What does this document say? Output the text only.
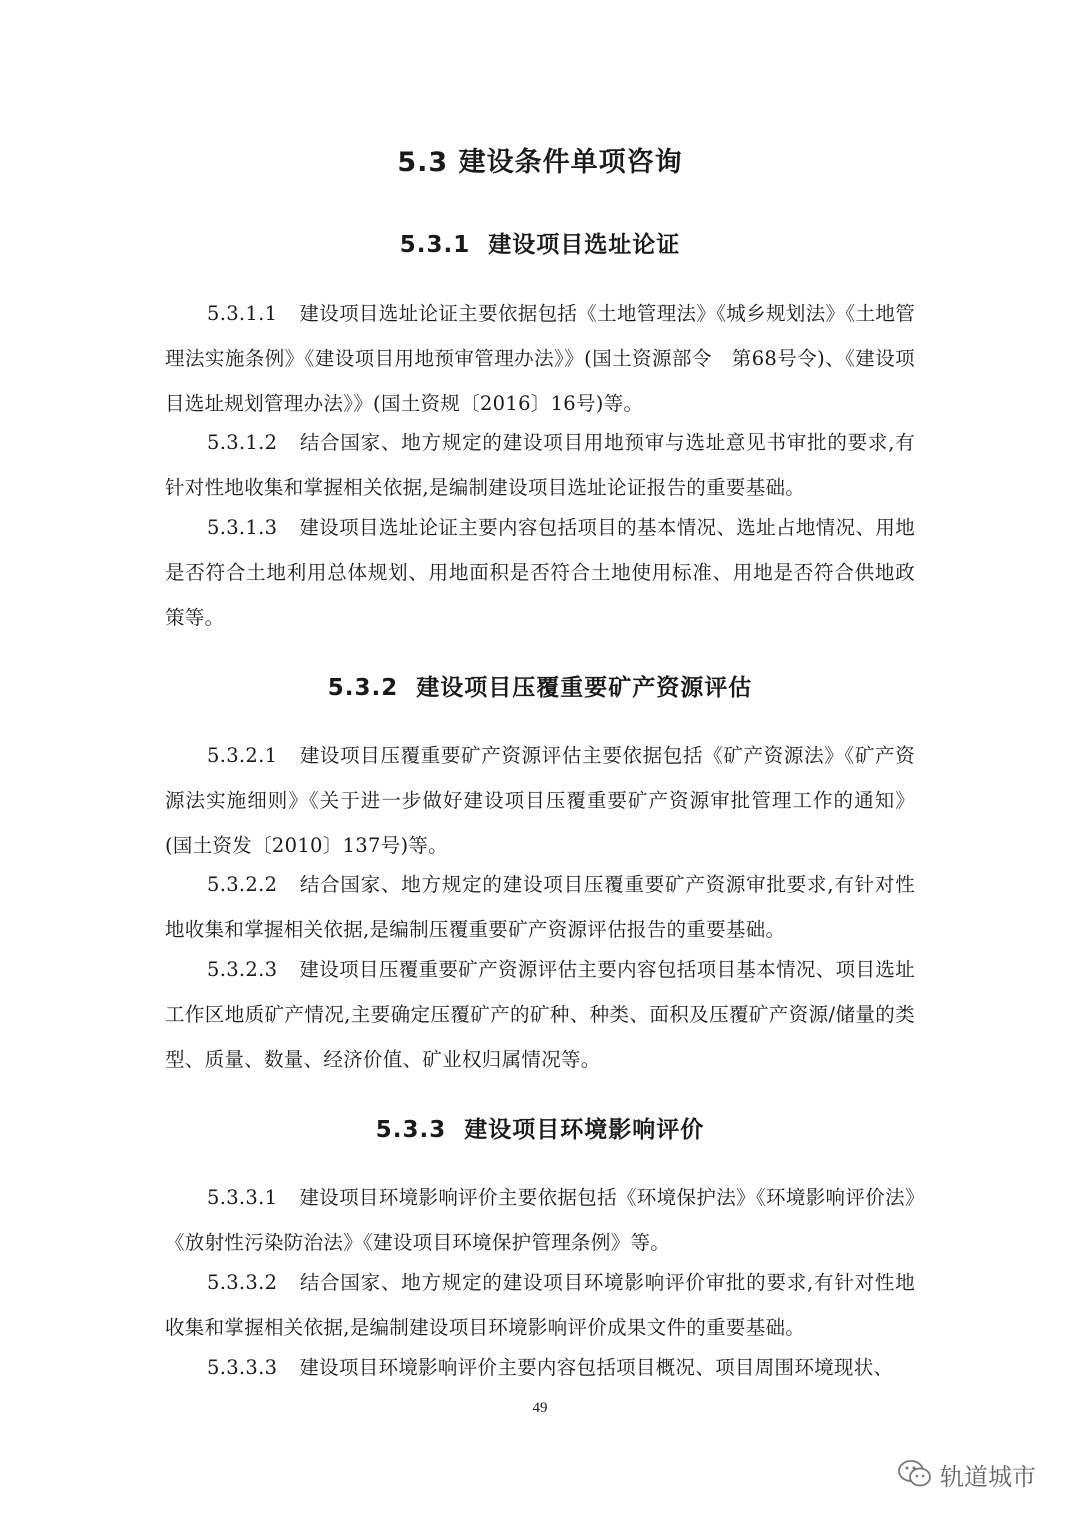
5.3 建设条件单项咨询
5.3.1 建设项目选址论证

5.3.1.1 建设项目选址论证主要依据包括《土地管理法》《城乡规划法》《土地管理法实施条例》《建设项目用地预审管理办法》》(国土资源部令　第68号令)、《建设项目选址规划管理办法》》(国土资规〔2016〕16号)等。

5.3.1.2 结合国家、地方规定的建设项目用地预审与选址意见书审批的要求,有针对性地收集和掌握相关依据,是编制建设项目选址论证报告的重要基础。

5.3.1.3 建设项目选址论证主要内容包括项目的基本情况、选址占地情况、用地是否符合土地利用总体规划、用地面积是否符合土地使用标准、用地是否符合供地政策等。

5.3.2 建设项目压覆重要矿产资源评估

5.3.2.1 建设项目压覆重要矿产资源评估主要依据包括《矿产资源法》《矿产资源法实施细则》《关于进一步做好建设项目压覆重要矿产资源审批管理工作的通知》(国土资发〔2010〕137号)等。

5.3.2.2 结合国家、地方规定的建设项目压覆重要矿产资源审批要求,有针对性地收集和掌握相关依据,是编制压覆重要矿产资源评估报告的重要基础。

5.3.2.3 建设项目压覆重要矿产资源评估主要内容包括项目基本情况、项目选址工作区地质矿产情况,主要确定压覆矿产的矿种、种类、面积及压覆矿产资源/储量的类型、质量、数量、经济价值、矿业权归属情况等。

5.3.3 建设项目环境影响评价

5.3.3.1 建设项目环境影响评价主要依据包括《环境保护法》《环境影响评价法》《放射性污染防治法》《建设项目环境保护管理条例》等。

5.3.3.2 结合国家、地方规定的建设项目环境影响评价审批的要求,有针对性地收集和掌握相关依据,是编制建设项目环境影响评价成果文件的重要基础。

5.3.3.3 建设项目环境影响评价主要内容包括项目概况、项目周围环境现状、

49
轨道城市
